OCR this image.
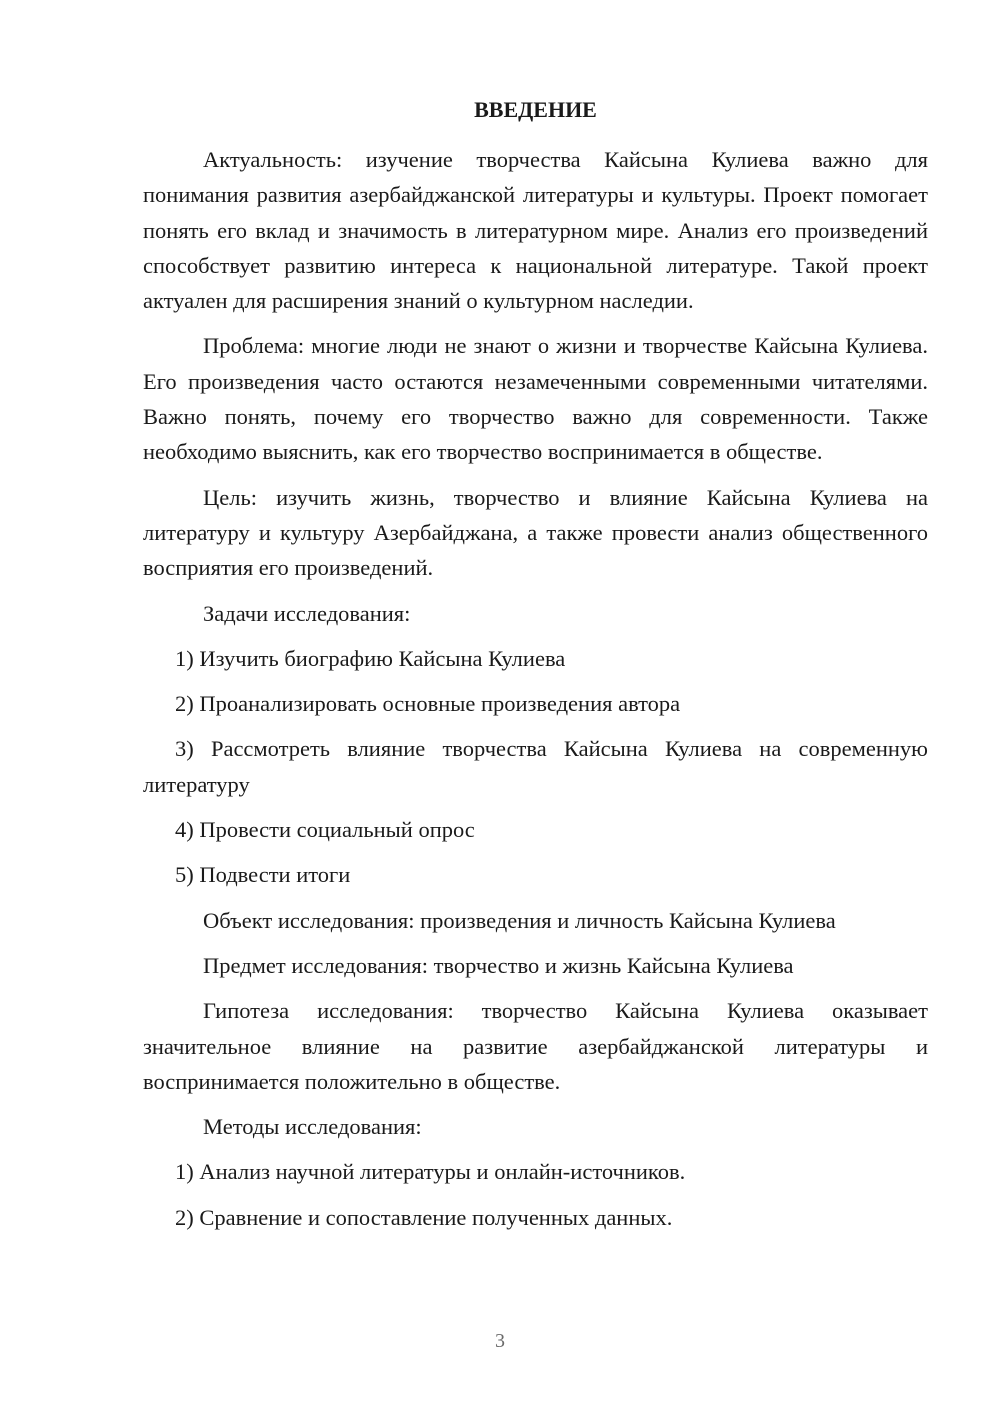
ВВЕДЕНИЕ

Актуальность: изучение творчества Кайсына Кулиева важно для понимания развития азербайджанской литературы и культуры. Проект помогает понять его вклад и значимость в литературном мире. Анализ его произведений способствует развитию интереса к национальной литературе. Такой проект актуален для расширения знаний о культурном наследии.

Проблема: многие люди не знают о жизни и творчестве Кайсына Кулиева. Его произведения часто остаются незамеченными современными читателями. Важно понять, почему его творчество важно для современности. Также необходимо выяснить, как его творчество воспринимается в обществе.

Цель: изучить жизнь, творчество и влияние Кайсына Кулиева на литературу и культуру Азербайджана, а также провести анализ общественного восприятия его произведений.

Задачи исследования:

1) Изучить биографию Кайсына Кулиева

2) Проанализировать основные произведения автора

3) Рассмотреть влияние творчества Кайсына Кулиева на современную литературу

4) Провести социальный опрос

5) Подвести итоги

Объект исследования: произведения и личность Кайсына Кулиева

Предмет исследования: творчество и жизнь Кайсына Кулиева

Гипотеза исследования: творчество Кайсына Кулиева оказывает значительное влияние на развитие азербайджанской литературы и воспринимается положительно в обществе.

Методы исследования:

1) Анализ научной литературы и онлайн-источников.

2) Сравнение и сопоставление полученных данных.

3
